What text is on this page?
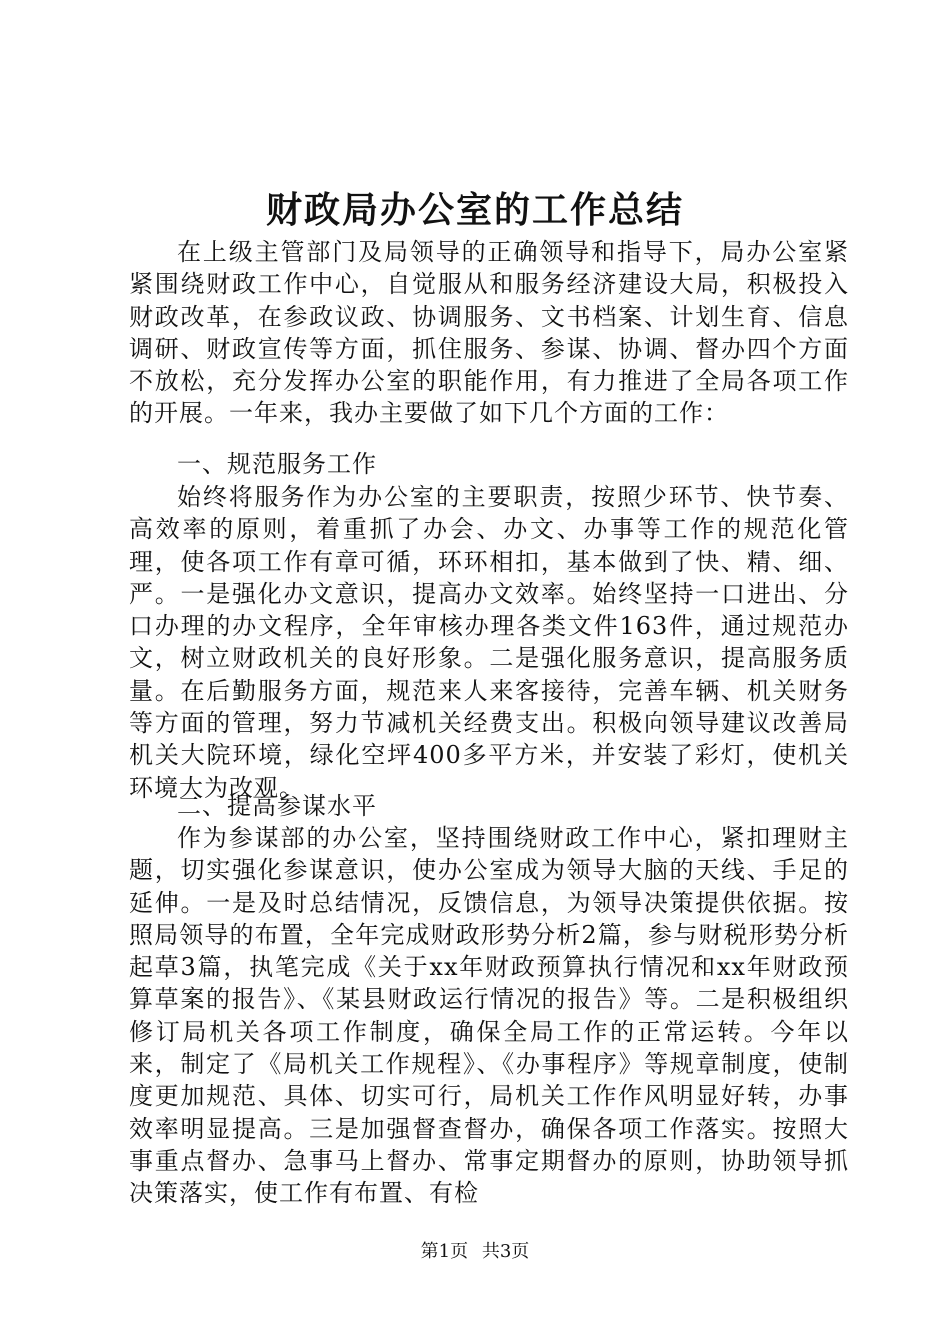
财政局办公室的工作总结

在上级主管部门及局领导的正确领导和指导下，局办公室紧紧围绕财政工作中心，自觉服从和服务经济建设大局，积极投入财政改革，在参政议政、协调服务、文书档案、计划生育、信息调研、财政宣传等方面，抓住服务、参谋、协调、督办四个方面不放松，充分发挥办公室的职能作用，有力推进了全局各项工作的开展。一年来，我办主要做了如下几个方面的工作：

一、规范服务工作

始终将服务作为办公室的主要职责，按照少环节、快节奏、高效率的原则，着重抓了办会、办文、办事等工作的规范化管理，使各项工作有章可循，环环相扣，基本做到了快、精、细、严。一是强化办文意识，提高办文效率。始终坚持一口进出、分口办理的办文程序，全年审核办理各类文件163件，通过规范办文，树立财政机关的良好形象。二是强化服务意识，提高服务质量。在后勤服务方面，规范来人来客接待，完善车辆、机关财务等方面的管理，努力节减机关经费支出。积极向领导建议改善局机关大院环境，绿化空坪400多平方米，并安装了彩灯，使机关环境大为改观。

二、提高参谋水平

作为参谋部的办公室，坚持围绕财政工作中心，紧扣理财主题，切实强化参谋意识，使办公室成为领导大脑的天线、手足的延伸。一是及时总结情况，反馈信息，为领导决策提供依据。按照局领导的布置，全年完成财政形势分析2篇，参与财税形势分析起草3篇，执笔完成《关于xx年财政预算执行情况和xx年财政预算草案的报告》、《某县财政运行情况的报告》等。二是积极组织修订局机关各项工作制度，确保全局工作的正常运转。今年以来，制定了《局机关工作规程》、《办事程序》等规章制度，使制度更加规范、具体、切实可行，局机关工作作风明显好转，办事效率明显提高。三是加强督查督办，确保各项工作落实。按照大事重点督办、急事马上督办、常事定期督办的原则，协助领导抓决策落实，使工作有布置、有检

第1页 共3页
